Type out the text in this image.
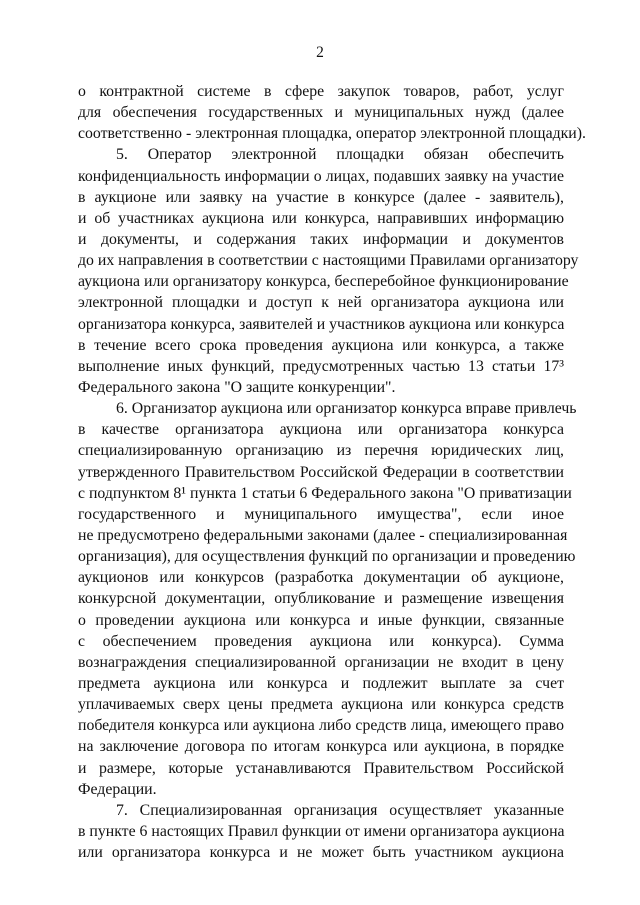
2
о контрактной системе в сфере закупок товаров, работ, услуг
для обеспечения государственных и муниципальных нужд (далее
соответственно - электронная площадка, оператор электронной площадки).
5. Оператор электронной площадки обязан обеспечить
конфиденциальность информации о лицах, подавших заявку на участие
в аукционе или заявку на участие в конкурсе (далее - заявитель),
и об участниках аукциона или конкурса, направивших информацию
и документы, и содержания таких информации и документов
до их направления в соответствии с настоящими Правилами организатору
аукциона или организатору конкурса, бесперебойное функционирование
электронной площадки и доступ к ней организатора аукциона или
организатора конкурса, заявителей и участников аукциона или конкурса
в течение всего срока проведения аукциона или конкурса, а также
выполнение иных функций, предусмотренных частью 13 статьи 17³
Федерального закона "О защите конкуренции".
6. Организатор аукциона или организатор конкурса вправе привлечь
в качестве организатора аукциона или организатора конкурса
специализированную организацию из перечня юридических лиц,
утвержденного Правительством Российской Федерации в соответствии
с подпунктом 8¹ пункта 1 статьи 6 Федерального закона "О приватизации
государственного и муниципального имущества", если иное
не предусмотрено федеральными законами (далее - специализированная
организация), для осуществления функций по организации и проведению
аукционов или конкурсов (разработка документации об аукционе,
конкурсной документации, опубликование и размещение извещения
о проведении аукциона или конкурса и иные функции, связанные
с обеспечением проведения аукциона или конкурса). Сумма
вознаграждения специализированной организации не входит в цену
предмета аукциона или конкурса и подлежит выплате за счет
уплачиваемых сверх цены предмета аукциона или конкурса средств
победителя конкурса или аукциона либо средств лица, имеющего право
на заключение договора по итогам конкурса или аукциона, в порядке
и размере, которые устанавливаются Правительством Российской
Федерации.
7. Специализированная организация осуществляет указанные
в пункте 6 настоящих Правил функции от имени организатора аукциона
или организатора конкурса и не может быть участником аукциона
